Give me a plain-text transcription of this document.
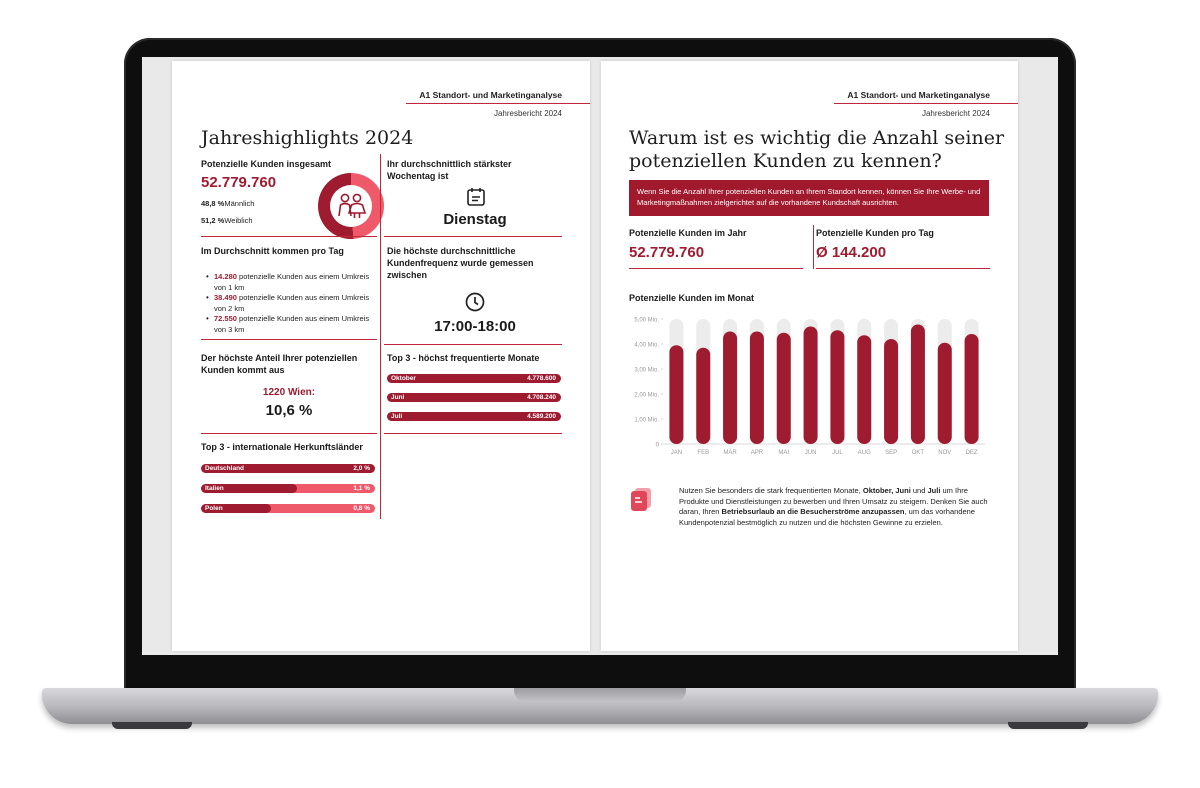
A1 Standort- und Marketinganalyse
Jahresbericht 2024
Jahreshighlights 2024
Potenzielle Kunden insgesamt
52.779.760
48,8 %Männlich
51,2 %Weiblich
Ihr durchschnittlich stärkster Wochentag ist
Dienstag
Im Durchschnitt kommen pro Tag
• 14.280 potenzielle Kunden aus einem Umkreis von 1 km
• 38.490 potenzielle Kunden aus einem Umkreis von 2 km
• 72.550 potenzielle Kunden aus einem Umkreis von 3 km
Die höchste durchschnittliche Kundenfrequenz wurde gemessen zwischen
17:00-18:00
Der höchste Anteil Ihrer potenziellen Kunden kommt aus
1220 Wien:
10,6 %
Top 3 - höchst frequentierte Monate
Oktober	4.778.600
Juni	4.708.240
Juli	4.589.200
Top 3 - internationale Herkunftsländer
Deutschland	2,0 %
Italien	1,1 %
Polen	0,8 %
A1 Standort- und Marketinganalyse
Jahresbericht 2024
Warum ist es wichtig die Anzahl seiner
potenziellen Kunden zu kennen?
Wenn Sie die Anzahl Ihrer potenziellen Kunden an Ihrem Standort kennen, können Sie Ihre Werbe- und Marketingmaßnahmen zielgerichtet auf die vorhandene Kundschaft ausrichten.
Potenzielle Kunden im Jahr
52.779.760
Potenzielle Kunden pro Tag
Ø 144.200
Potenzielle Kunden im Monat
0
1,00 Mio.
2,00 Mio.
3,00 Mio.
4,00 Mio.
5,00 Mio.
JAN	FEB MÄR APR	MAI	JUN	JUL AUG SEP OKT NOV DEZ
Nutzen Sie besonders die stark frequentierten Monate, Oktober, Juni und Juli um Ihre Produkte und Dienstleistungen zu bewerben und Ihren Umsatz zu steigern. Denken Sie auch daran, Ihren Betriebsurlaub an die Besucherströme anzupassen, um das vorhandene Kundenpotenzial bestmöglich zu nutzen und die höchsten Gewinne zu erzielen.
